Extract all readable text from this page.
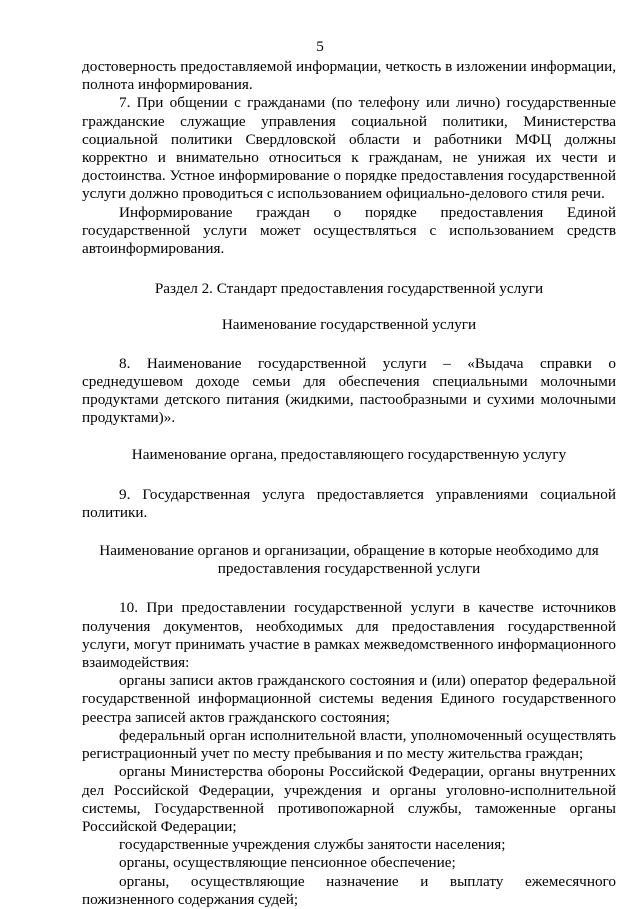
5

достоверность предоставляемой информации, четкость в изложении информации, полнота информирования.

7. При общении с гражданами (по телефону или лично) государственные гражданские служащие управления социальной политики, Министерства социальной политики Свердловской области и работники МФЦ должны корректно и внимательно относиться к гражданам, не унижая их чести и достоинства. Устное информирование о порядке предоставления государственной услуги должно проводиться с использованием официально-делового стиля речи.

Информирование граждан о порядке предоставления Единой государственной услуги может осуществляться с использованием средств автоинформирования.

Раздел 2. Стандарт предоставления государственной услуги

Наименование государственной услуги

8. Наименование государственной услуги – «Выдача справки о среднедушевом доходе семьи для обеспечения специальными молочными продуктами детского питания (жидкими, пастообразными и сухими молочными продуктами)».

Наименование органа, предоставляющего государственную услугу

9. Государственная услуга предоставляется управлениями социальной политики.

Наименование органов и организации, обращение в которые необходимо для предоставления государственной услуги

10. При предоставлении государственной услуги в качестве источников получения документов, необходимых для предоставления государственной услуги, могут принимать участие в рамках межведомственного информационного взаимодействия:

органы записи актов гражданского состояния и (или) оператор федеральной государственной информационной системы ведения Единого государственного реестра записей актов гражданского состояния;

федеральный орган исполнительной власти, уполномоченный осуществлять регистрационный учет по месту пребывания и по месту жительства граждан;

органы Министерства обороны Российской Федерации, органы внутренних дел Российской Федерации, учреждения и органы уголовно-исполнительной системы, Государственной противопожарной службы, таможенные органы Российской Федерации;

государственные учреждения службы занятости населения;

органы, осуществляющие пенсионное обеспечение;

органы, осуществляющие назначение и выплату ежемесячного пожизненного содержания судей;
